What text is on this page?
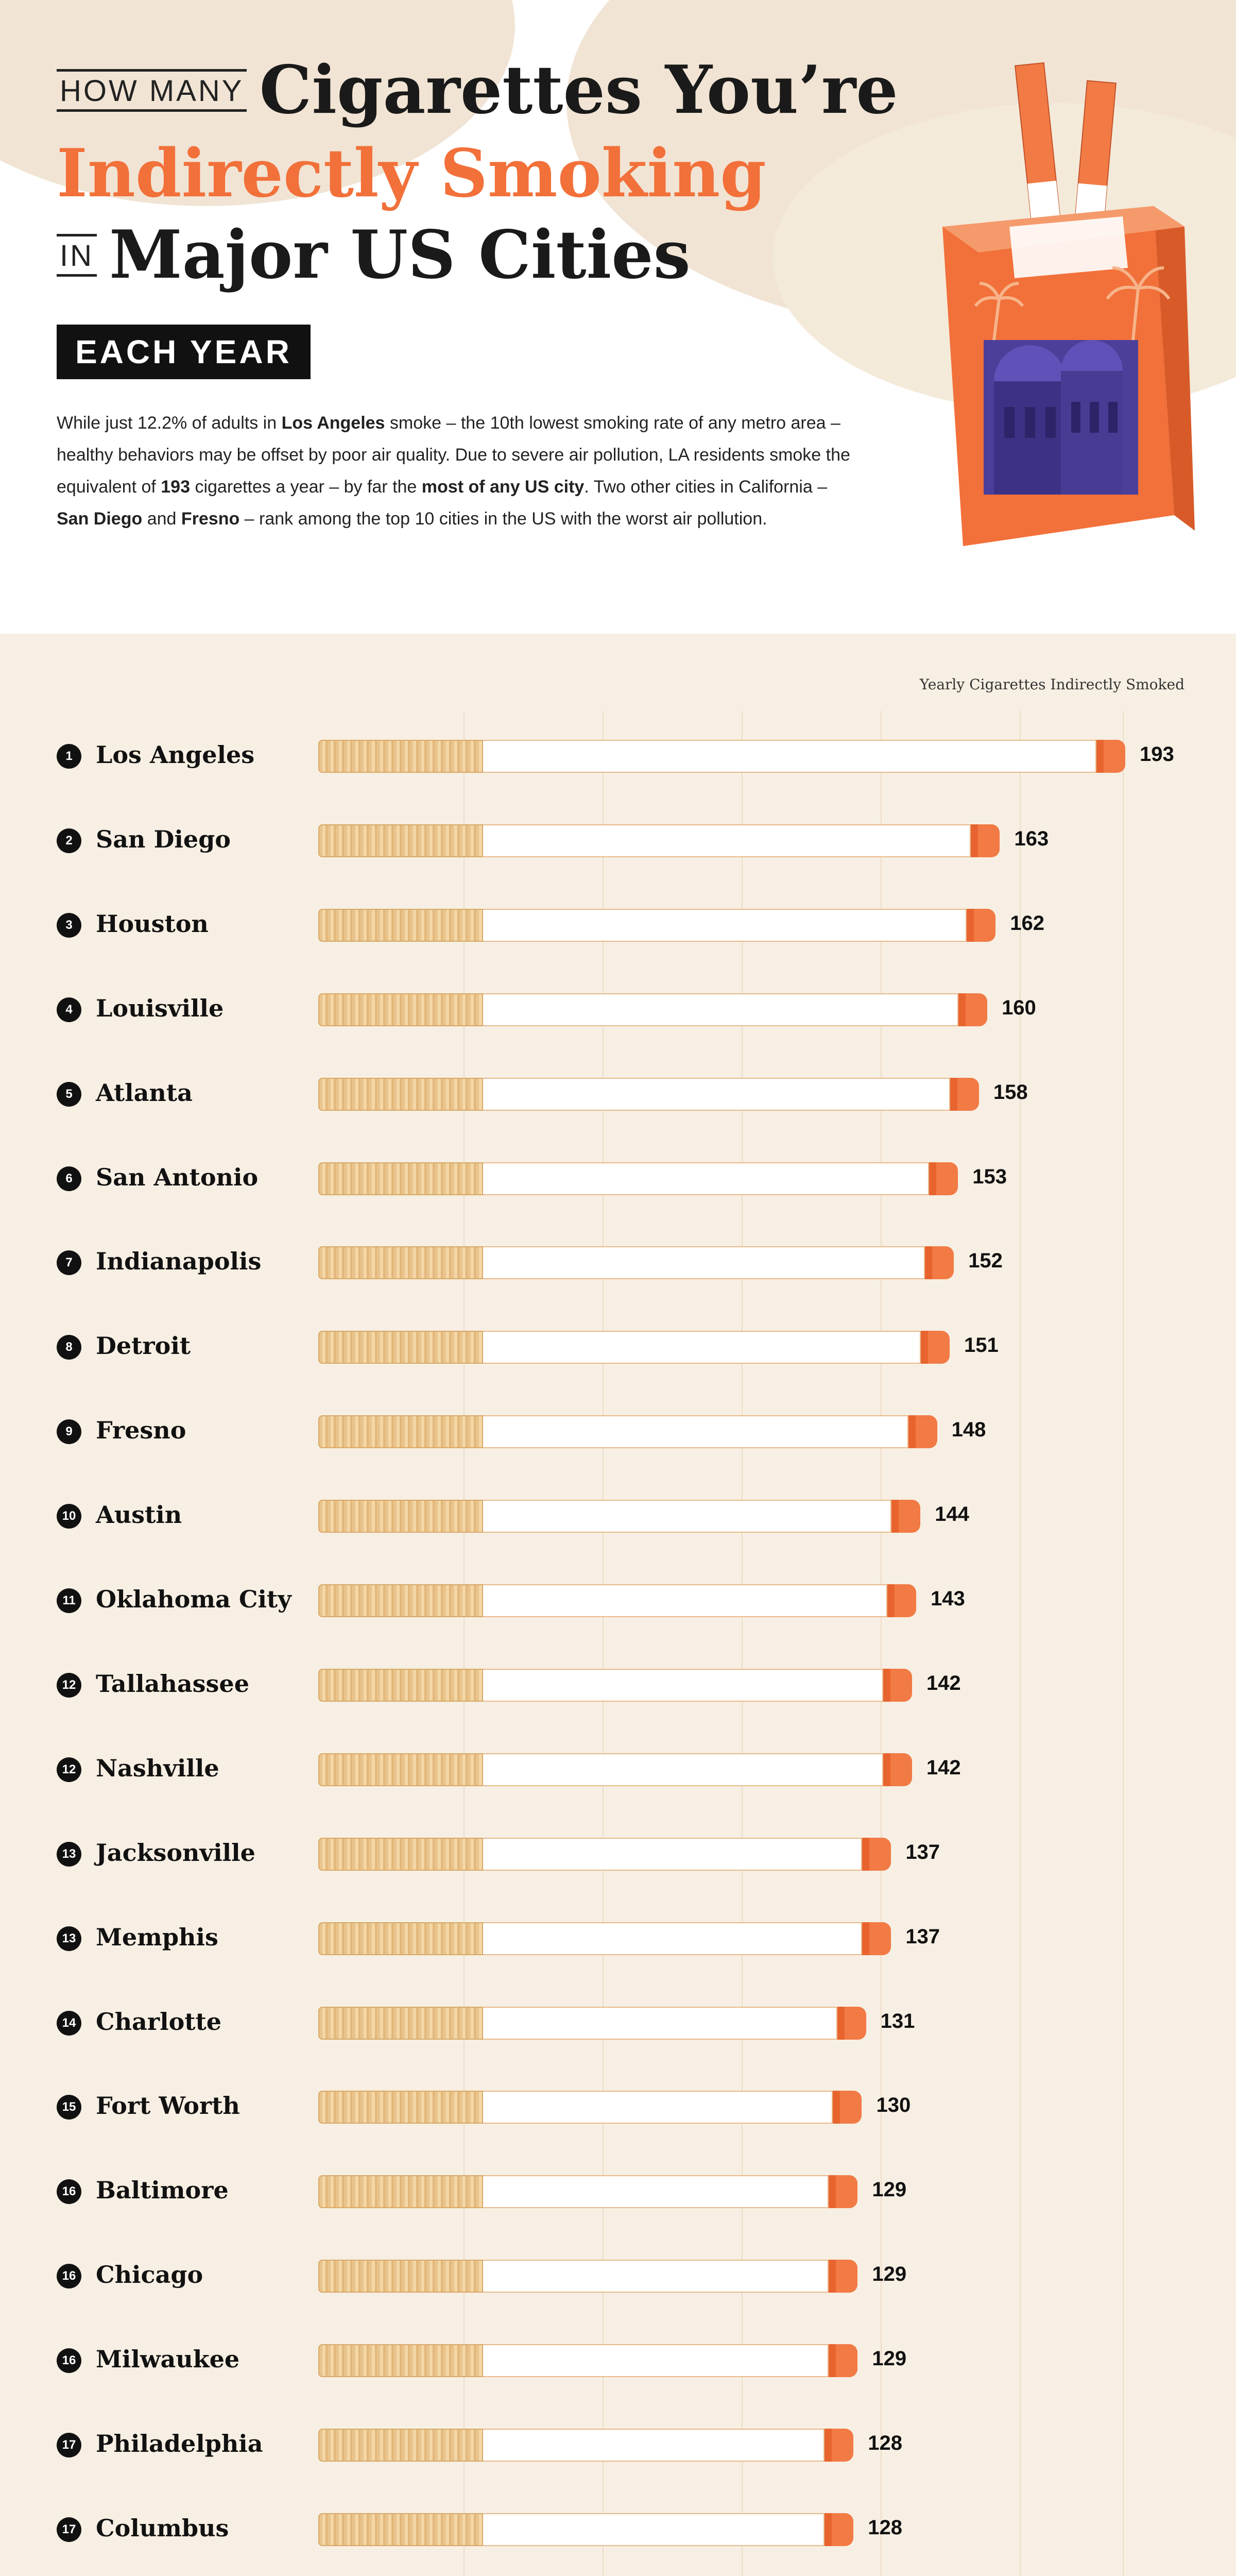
HOW MANY Cigarettes You’re
Indirectly Smoking
IN Major US Cities
EACH YEAR
While just 12.2% of adults in Los Angeles smoke – the 10th lowest smoking rate of any metro area – healthy behaviors may be offset by poor air quality. Due to severe air pollution, LA residents smoke the equivalent of 193 cigarettes a year – by far the most of any US city. Two other cities in California – San Diego and Fresno – rank among the top 10 cities in the US with the worst air pollution.
Yearly Cigarettes Indirectly Smoked
1 Los Angeles	193
2 San Diego	163
3 Houston	162
4 Louisville	160
5 Atlanta	158
6 San Antonio	153
7 Indianapolis	152
8 Detroit	151
9 Fresno	148
10 Austin	144
11 Oklahoma City	143
12 Tallahassee	142
12 Nashville	142
13 Jacksonville	137
13 Memphis	137
14 Charlotte	131
15 Fort Worth	130
16 Baltimore	129
16 Chicago	129
16 Milwaukee	129
17 Philadelphia	128
17 Columbus	128
